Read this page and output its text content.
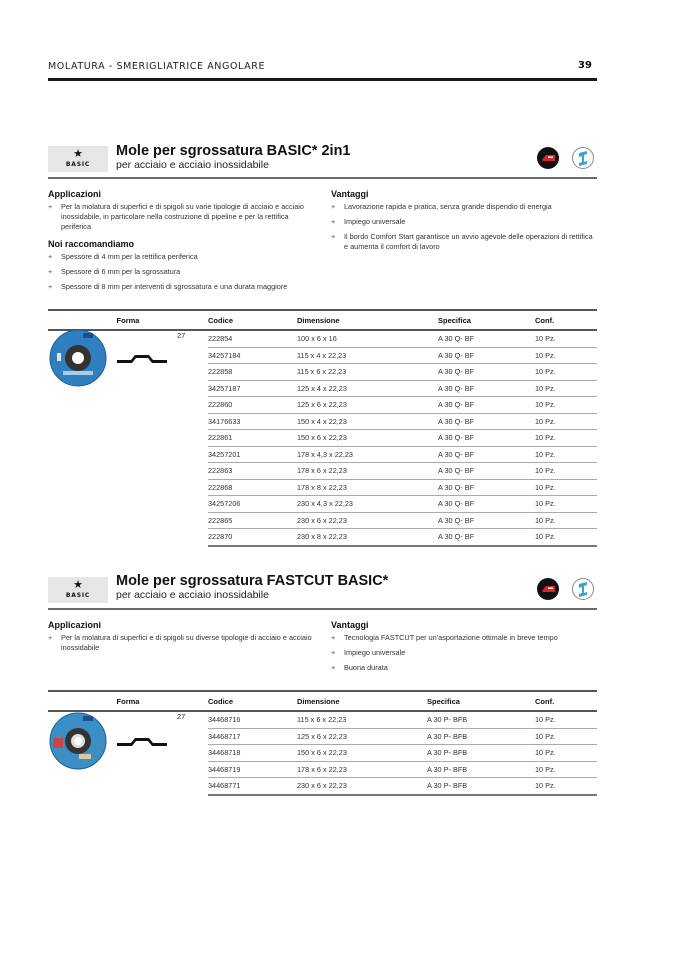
MOLATURA - SMERIGLIATRICE ANGOLARE	39
★
BASIC
Mole per sgrossatura BASIC* 2in1
per acciaio e acciaio inossidabile
Applicazioni
+ Per la molatura di superfici e di spigoli su varie tipologie di acciaio e acciaio inossidabile, in particolare nella costruzione di pipeline e per la rettifica periferica
Noi raccomandiamo
+ Spessore di 4 mm per la rettifica periferica
+ Spessore di 6 mm per la sgrossatura
+ Spessore di 8 mm per interventi di sgrossatura e una durata maggiore
Vantaggi
+ Lavorazione rapida e pratica, senza grande dispendio di energia
+ Impiego universale
+ Il bordo Comfort Start garantisce un avvio agevole delle operazioni di rettifica e aumenta il comfort di lavoro
Forma	Codice	Dimensione	Specifica	Conf.
	222854	100 x 6 x 16	A 30 Q- BF	10 Pz.
	34257184	115 x 4 x 22,23	A 30 Q- BF	10 Pz.
	222858	115 x 6 x 22,23	A 30 Q- BF	10 Pz.
	34257187	125 x 4 x 22,23	A 30 Q- BF	10 Pz.
	222860	125 x 6 x 22,23	A 30 Q- BF	10 Pz.
	34176633	150 x 4 x 22,23	A 30 Q- BF	10 Pz.
	222861	150 x 6 x 22,23	A 30 Q- BF	10 Pz.
	34257201	178 x 4,3 x 22,23	A 30 Q- BF	10 Pz.
	222863	178 x 6 x 22,23	A 30 Q- BF	10 Pz.
	222868	178 x 8 x 22,23	A 30 Q- BF	10 Pz.
	34257206	230 x 4,3 x 22,23	A 30 Q- BF	10 Pz.
	222865	230 x 6 x 22,23	A 30 Q- BF	10 Pz.
	222870	230 x 8 x 22,23	A 30 Q- BF	10 Pz.
27
★
BASIC
Mole per sgrossatura FASTCUT BASIC*
per acciaio e acciaio inossidabile
Applicazioni
+ Per la molatura di superfici e di spigoli su diverse tipologie di acciaio e acciaio inossidabile
Vantaggi
+ Tecnologia FASTCUT per un'asportazione ottimale in breve tempo
+ Impiego universale
+ Buona durata
Forma	Codice	Dimensione	Specifica	Conf.
	34468716	115 x 6 x 22,23	A 30 P- BFB	10 Pz.
	34468717	125 x 6 x 22,23	A 30 P- BFB	10 Pz.
	34468718	150 x 6 x 22,23	A 30 P- BFB	10 Pz.
	34468719	178 x 6 x 22,23	A 30 P- BFB	10 Pz.
	34468771	230 x 6 x 22,23	A 30 P- BFB	10 Pz.
27
